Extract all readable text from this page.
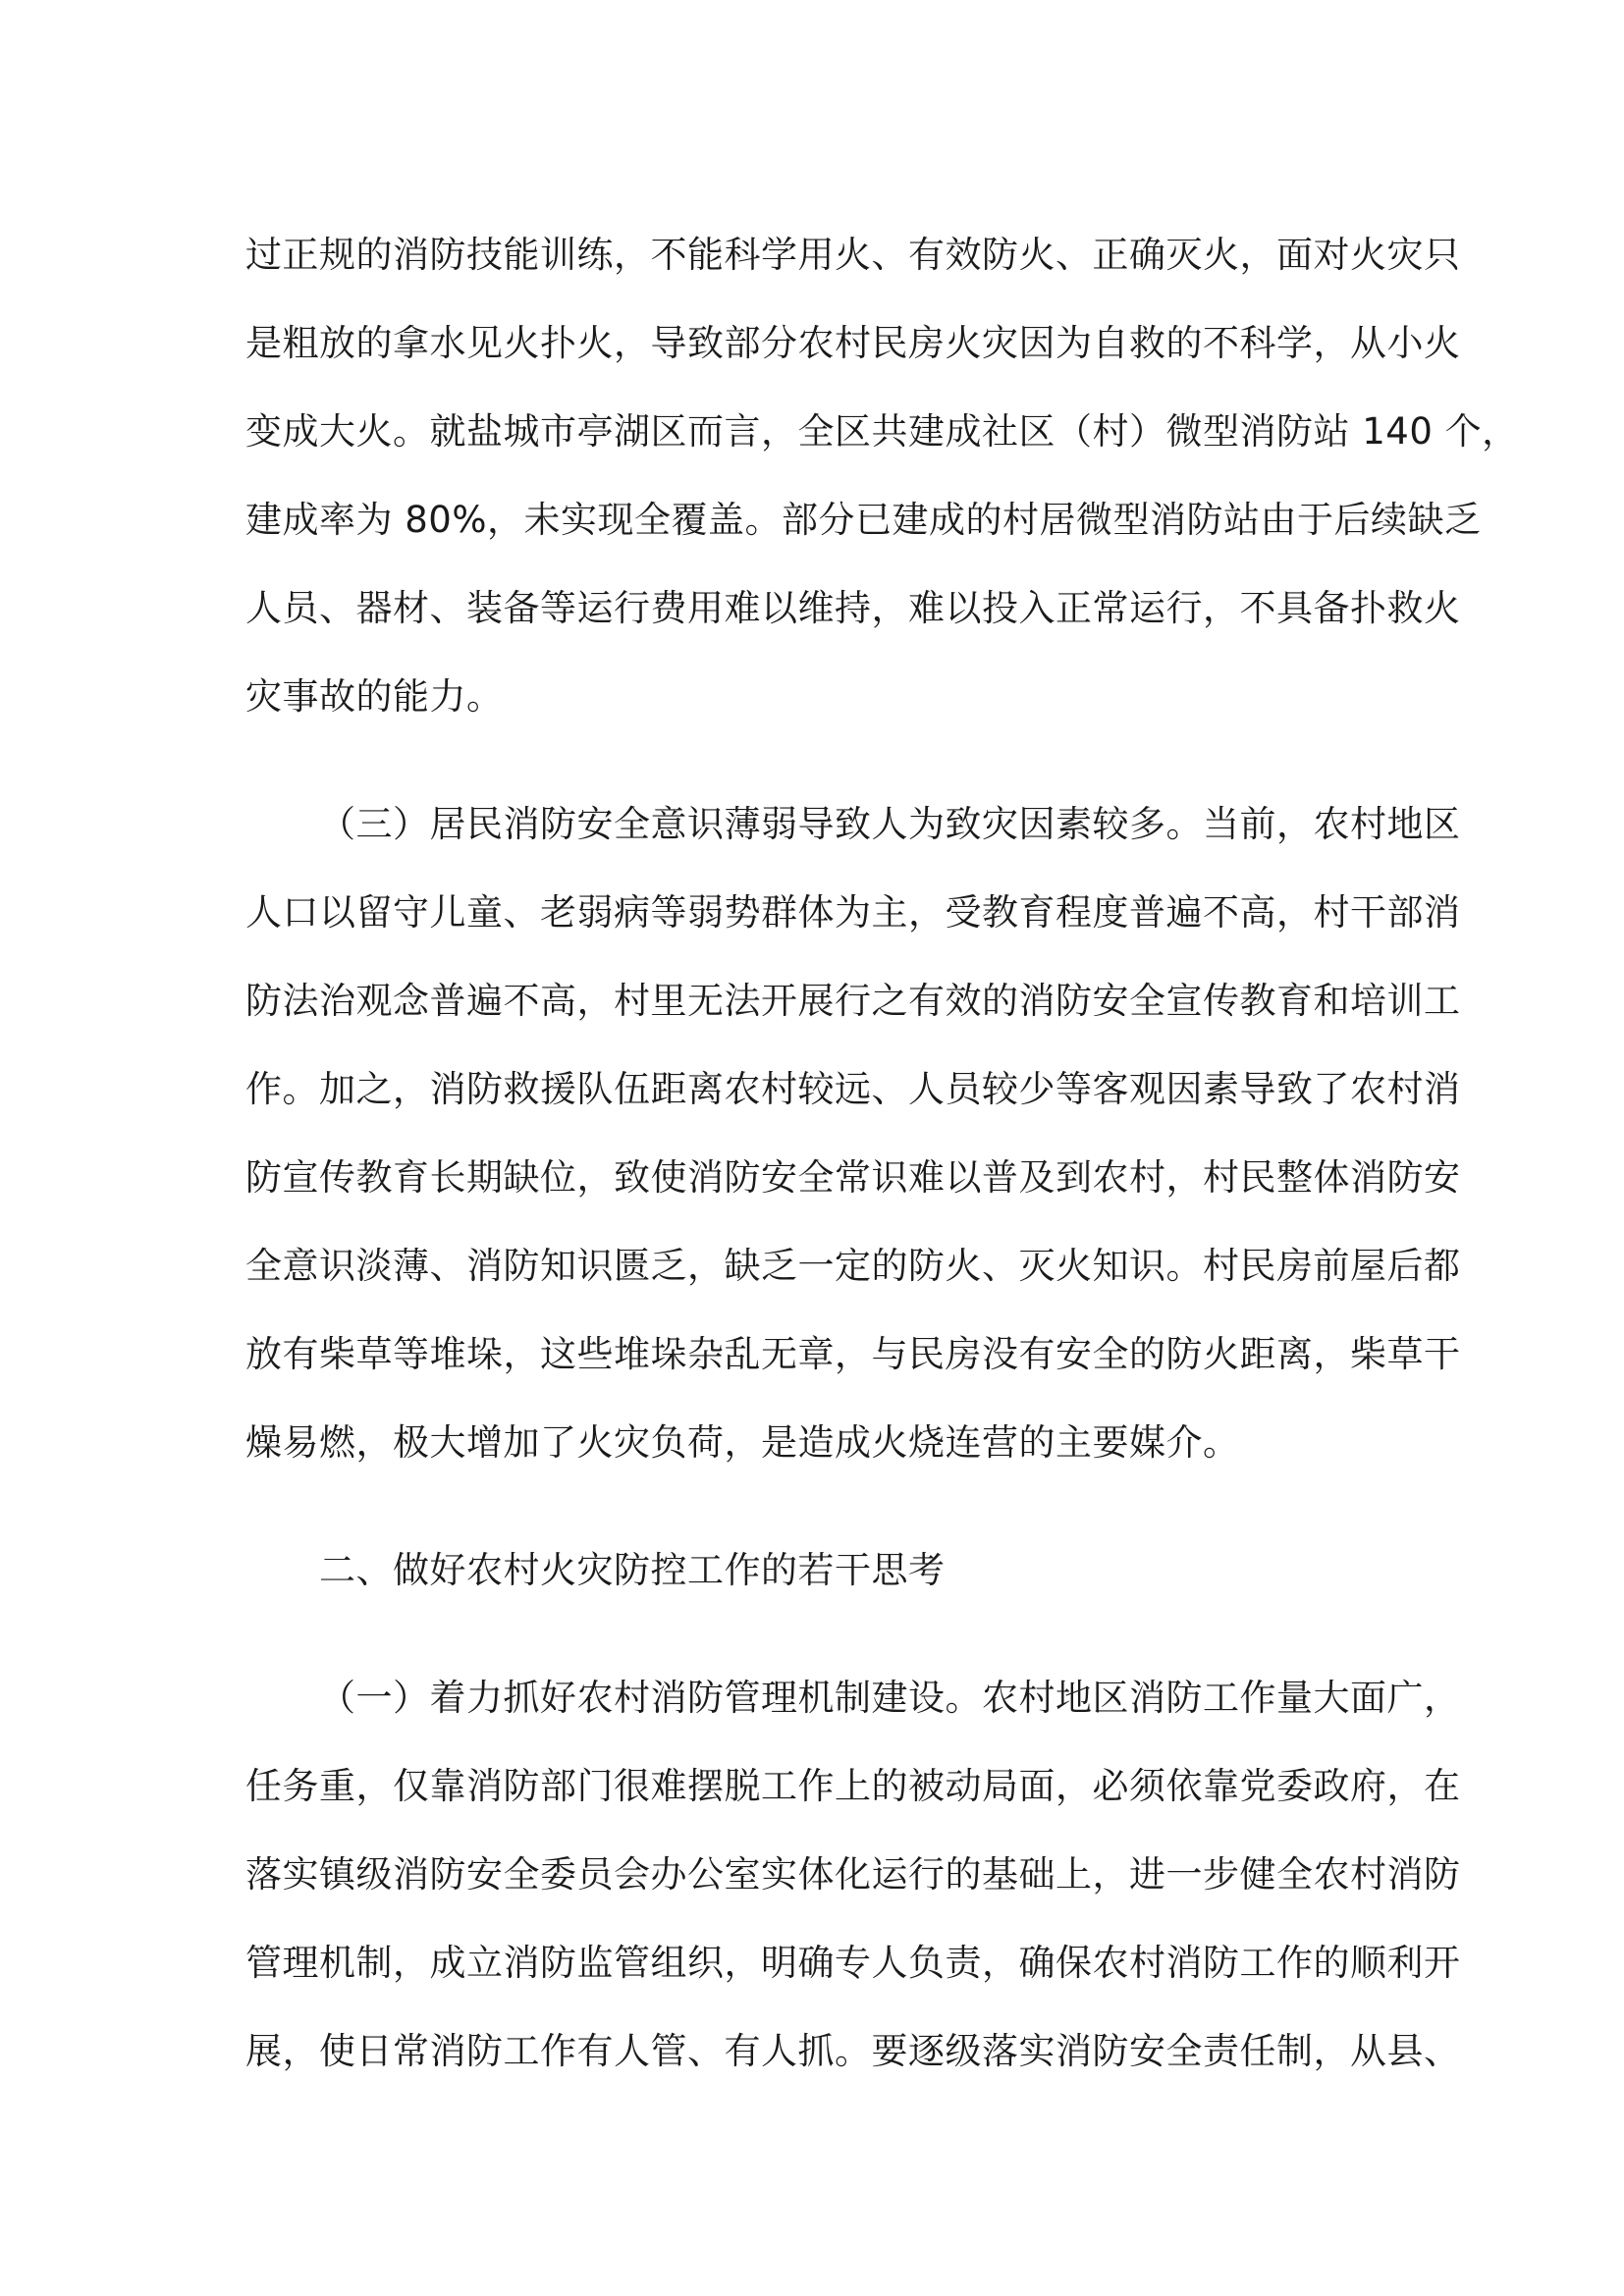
过正规的消防技能训练，不能科学用火、有效防火、正确灭火，面对火灾只
是粗放的拿水见火扑火，导致部分农村民房火灾因为自救的不科学，从小火
变成大火。就盐城市亭湖区而言，全区共建成社区（村）微型消防站 140 个，
建成率为 80%，未实现全覆盖。部分已建成的村居微型消防站由于后续缺乏
人员、器材、装备等运行费用难以维持，难以投入正常运行，不具备扑救火
灾事故的能力。
（三）居民消防安全意识薄弱导致人为致灾因素较多。当前，农村地区
人口以留守儿童、老弱病等弱势群体为主，受教育程度普遍不高，村干部消
防法治观念普遍不高，村里无法开展行之有效的消防安全宣传教育和培训工
作。加之，消防救援队伍距离农村较远、人员较少等客观因素导致了农村消
防宣传教育长期缺位，致使消防安全常识难以普及到农村，村民整体消防安
全意识淡薄、消防知识匮乏，缺乏一定的防火、灭火知识。村民房前屋后都
放有柴草等堆垛，这些堆垛杂乱无章，与民房没有安全的防火距离，柴草干
燥易燃，极大增加了火灾负荷，是造成火烧连营的主要媒介。
二、做好农村火灾防控工作的若干思考
（一）着力抓好农村消防管理机制建设。农村地区消防工作量大面广，
任务重，仅靠消防部门很难摆脱工作上的被动局面，必须依靠党委政府，在
落实镇级消防安全委员会办公室实体化运行的基础上，进一步健全农村消防
管理机制，成立消防监管组织，明确专人负责，确保农村消防工作的顺利开
展，使日常消防工作有人管、有人抓。要逐级落实消防安全责任制，从县、
